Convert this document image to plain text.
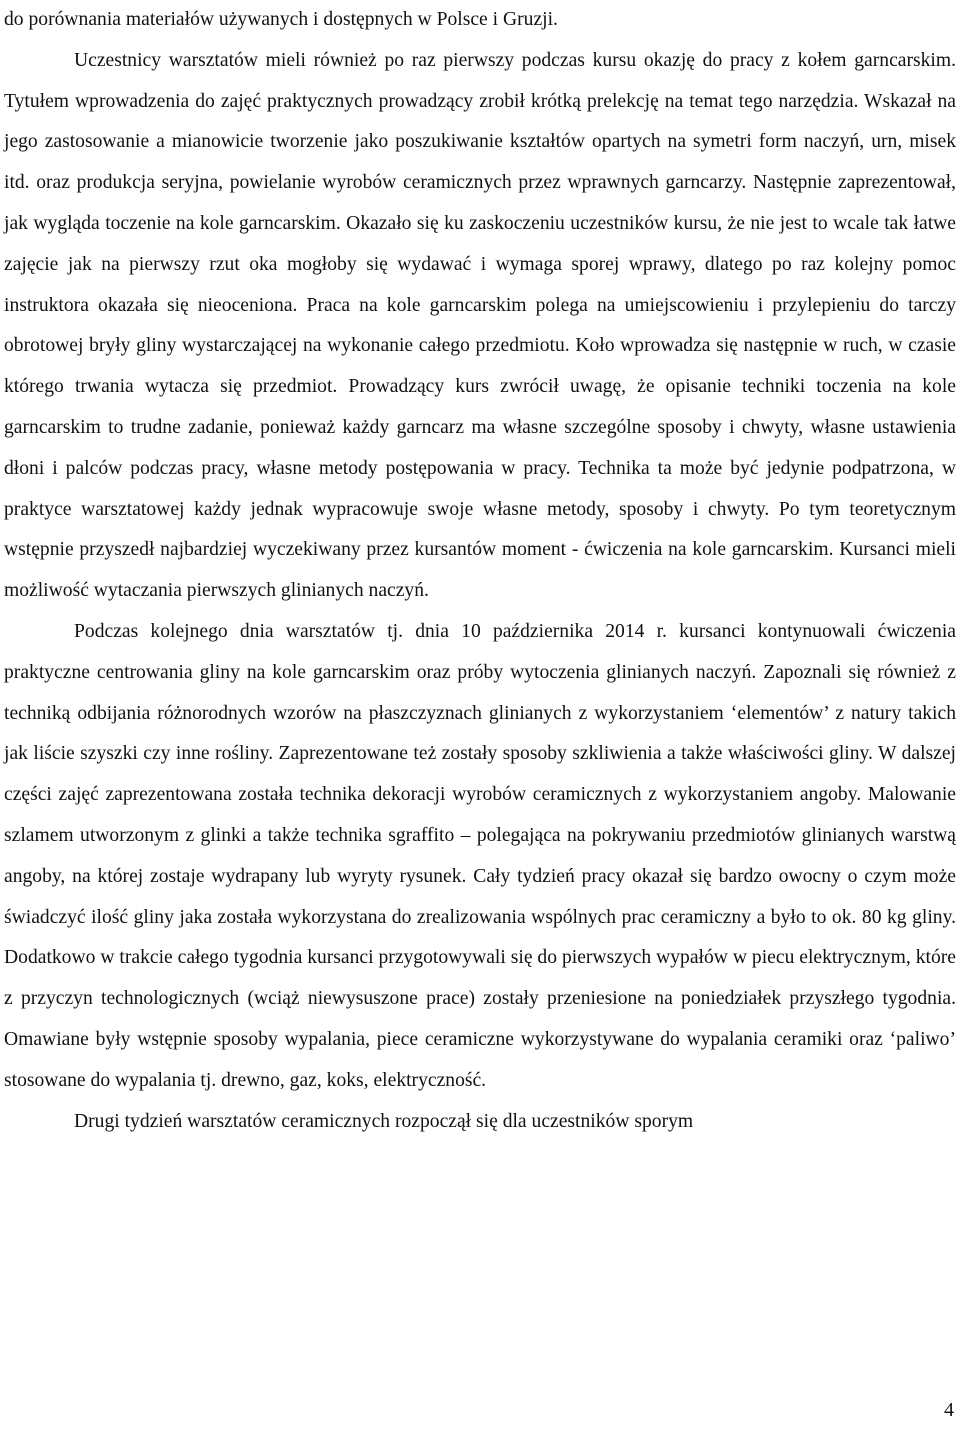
do porównania materiałów używanych i dostępnych w Polsce i Gruzji.

Uczestnicy warsztatów mieli również po raz pierwszy podczas kursu okazję do pracy z kołem garncarskim. Tytułem wprowadzenia do zajęć praktycznych prowadzący zrobił krótką prelekcję na temat tego narzędzia. Wskazał na jego zastosowanie a mianowicie tworzenie jako poszukiwanie kształtów opartych na symetri form naczyń, urn, misek itd. oraz produkcja seryjna, powielanie wyrobów ceramicznych przez wprawnych garncarzy. Następnie zaprezentował, jak wygląda toczenie na kole garncarskim. Okazało się ku zaskoczeniu uczestników kursu, że nie jest to wcale tak łatwe zajęcie jak na pierwszy rzut oka mogłoby się wydawać i wymaga sporej wprawy, dlatego po raz kolejny pomoc instruktora okazała się nieoceniona. Praca na kole garncarskim polega na umiejscowieniu i przylepieniu do tarczy obrotowej bryły gliny wystarczającej na wykonanie całego przedmiotu. Koło wprowadza się następnie w ruch, w czasie którego trwania wytacza się przedmiot. Prowadzący kurs zwrócił uwagę, że opisanie techniki toczenia na kole garncarskim to trudne zadanie, ponieważ każdy garncarz ma własne szczególne sposoby i chwyty, własne ustawienia dłoni i palców podczas pracy, własne metody postępowania w pracy. Technika ta może być jedynie podpatrzona, w praktyce warsztatowej każdy jednak wypracowuje swoje własne metody, sposoby i chwyty. Po tym teoretycznym wstępnie przyszedł najbardziej wyczekiwany przez kursantów moment - ćwiczenia na kole garncarskim. Kursanci mieli możliwość wytaczania pierwszych glinianych naczyń.

Podczas kolejnego dnia warsztatów tj. dnia 10 października 2014 r. kursanci kontynuowali ćwiczenia praktyczne centrowania gliny na kole garncarskim oraz próby wytoczenia glinianych naczyń. Zapoznali się również z techniką odbijania różnorodnych wzorów na płaszczyznach glinianych z wykorzystaniem ‘elementów’ z natury takich jak liście szyszki czy inne rośliny. Zaprezentowane też zostały sposoby szkliwienia a także właściwości gliny. W dalszej części zajęć zaprezentowana została technika dekoracji wyrobów ceramicznych z wykorzystaniem angoby. Malowanie szlamem utworzonym z glinki a także technika sgraffito – polegająca na pokrywaniu przedmiotów glinianych warstwą angoby, na której zostaje wydrapany lub wyryty rysunek. Cały tydzień pracy okazał się bardzo owocny o czym może świadczyć ilość gliny jaka została wykorzystana do zrealizowania wspólnych prac ceramiczny a było to ok. 80 kg gliny. Dodatkowo w trakcie całego tygodnia kursanci przygotowywali się do pierwszych wypałów w piecu elektrycznym, które z przyczyn technologicznych (wciąż niewysuszone prace) zostały przeniesione na poniedziałek przyszłego tygodnia. Omawiane były wstępnie sposoby wypalania, piece ceramiczne wykorzystywane do wypalania ceramiki oraz ‘paliwo’ stosowane do wypalania tj. drewno, gaz, koks, elektryczność.

Drugi tydzień warsztatów ceramicznych rozpoczął się dla uczestników sporym

4
